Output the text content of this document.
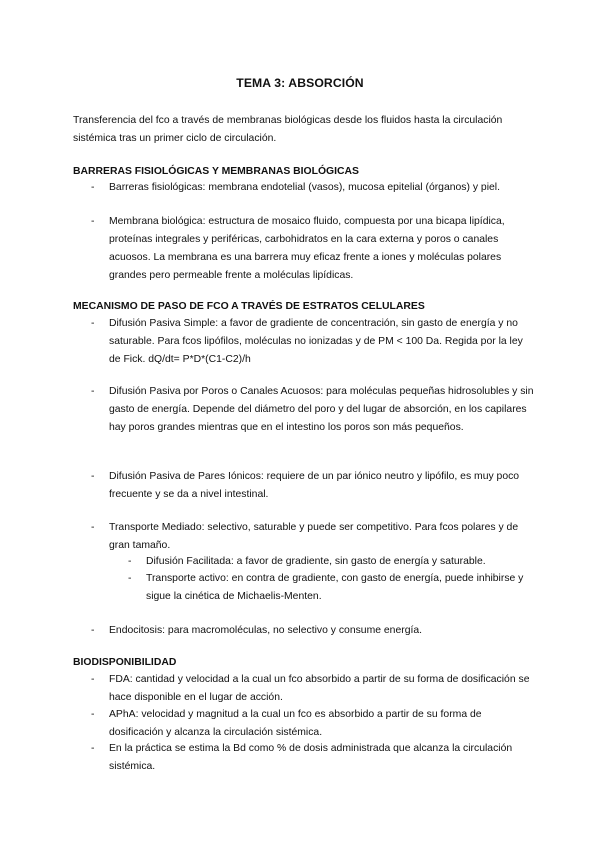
TEMA 3: ABSORCIÓN
Transferencia del fco a través de membranas biológicas desde los fluidos hasta la circulación sistémica tras un primer ciclo de circulación.
BARRERAS FISIOLÓGICAS Y MEMBRANAS BIOLÓGICAS
- Barreras fisiológicas: membrana endotelial (vasos), mucosa epitelial (órganos) y piel.
- Membrana biológica: estructura de mosaico fluido, compuesta por una bicapa lipídica, proteínas integrales y periféricas, carbohidratos en la cara externa y poros o canales acuosos. La membrana es una barrera muy eficaz frente a iones y moléculas polares grandes pero permeable frente a moléculas lipídicas.
MECANISMO DE PASO DE FCO A TRAVÉS DE ESTRATOS CELULARES
- Difusión Pasiva Simple: a favor de gradiente de concentración, sin gasto de energía y no saturable. Para fcos lipófilos, moléculas no ionizadas y de PM < 100 Da. Regida por la ley de Fick. dQ/dt= P*D*(C1-C2)/h
- Difusión Pasiva por Poros o Canales Acuosos: para moléculas pequeñas hidrosolubles y sin gasto de energía. Depende del diámetro del poro y del lugar de absorción, en los capilares hay poros grandes mientras que en el intestino los poros son más pequeños.
- Difusión Pasiva de Pares Iónicos: requiere de un par iónico neutro y lipófilo, es muy poco frecuente y se da a nivel intestinal.
- Transporte Mediado: selectivo, saturable y puede ser competitivo. Para fcos polares y de gran tamaño.
- Difusión Facilitada: a favor de gradiente, sin gasto de energía y saturable.
- Transporte activo: en contra de gradiente, con gasto de energía, puede inhibirse y sigue la cinética de Michaelis-Menten.
- Endocitosis: para macromoléculas, no selectivo y consume energía.
BIODISPONIBILIDAD
- FDA: cantidad y velocidad a la cual un fco absorbido a partir de su forma de dosificación se hace disponible en el lugar de acción.
- APhA: velocidad y magnitud a la cual un fco es absorbido a partir de su forma de dosificación y alcanza la circulación sistémica.
- En la práctica se estima la Bd como % de dosis administrada que alcanza la circulación sistémica.
